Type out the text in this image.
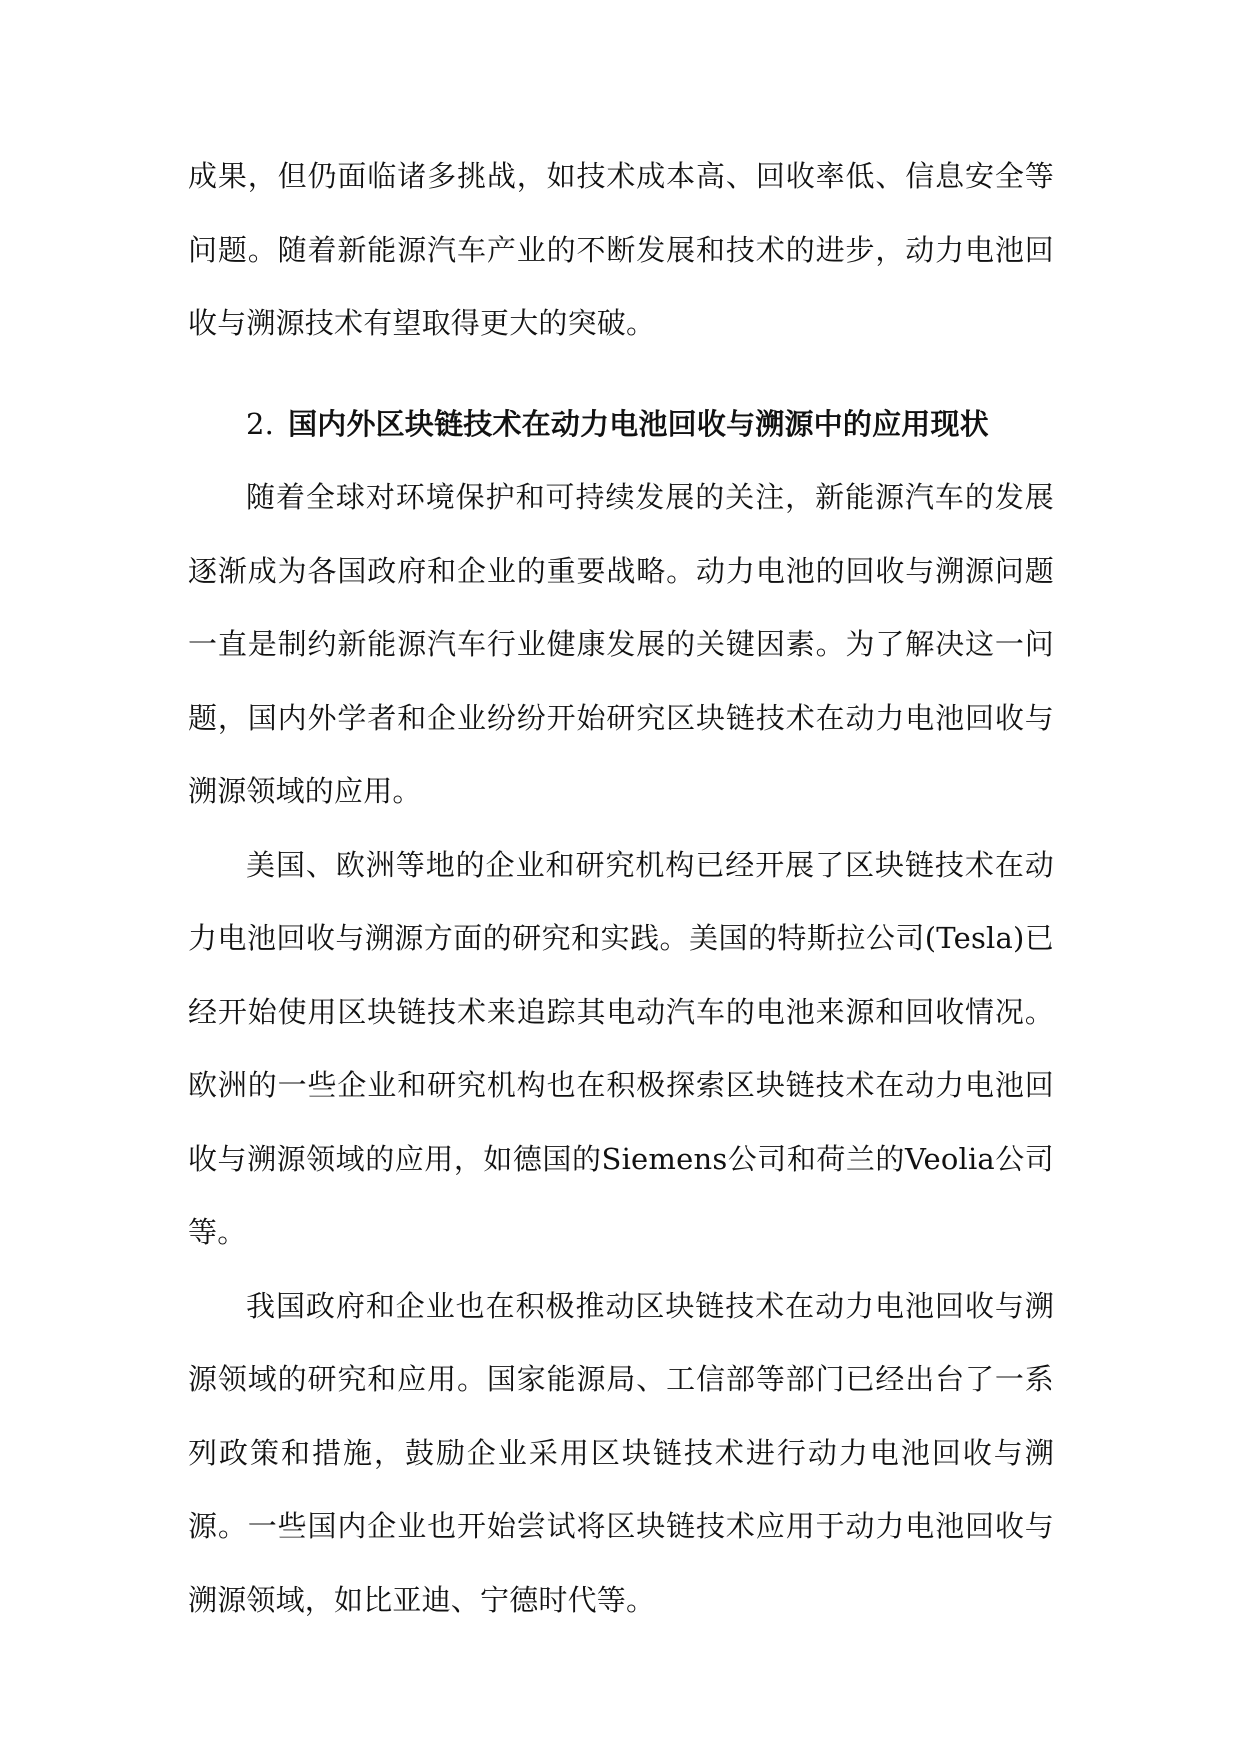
成果，但仍面临诸多挑战，如技术成本高、回收率低、信息安全等问题。随着新能源汽车产业的不断发展和技术的进步，动力电池回收与溯源技术有望取得更大的突破。

2. 国内外区块链技术在动力电池回收与溯源中的应用现状

随着全球对环境保护和可持续发展的关注，新能源汽车的发展逐渐成为各国政府和企业的重要战略。动力电池的回收与溯源问题一直是制约新能源汽车行业健康发展的关键因素。为了解决这一问题，国内外学者和企业纷纷开始研究区块链技术在动力电池回收与溯源领域的应用。

美国、欧洲等地的企业和研究机构已经开展了区块链技术在动力电池回收与溯源方面的研究和实践。美国的特斯拉公司(Tesla)已经开始使用区块链技术来追踪其电动汽车的电池来源和回收情况。欧洲的一些企业和研究机构也在积极探索区块链技术在动力电池回收与溯源领域的应用，如德国的Siemens公司和荷兰的Veolia公司等。

我国政府和企业也在积极推动区块链技术在动力电池回收与溯源领域的研究和应用。国家能源局、工信部等部门已经出台了一系列政策和措施，鼓励企业采用区块链技术进行动力电池回收与溯源。一些国内企业也开始尝试将区块链技术应用于动力电池回收与溯源领域，如比亚迪、宁德时代等。
